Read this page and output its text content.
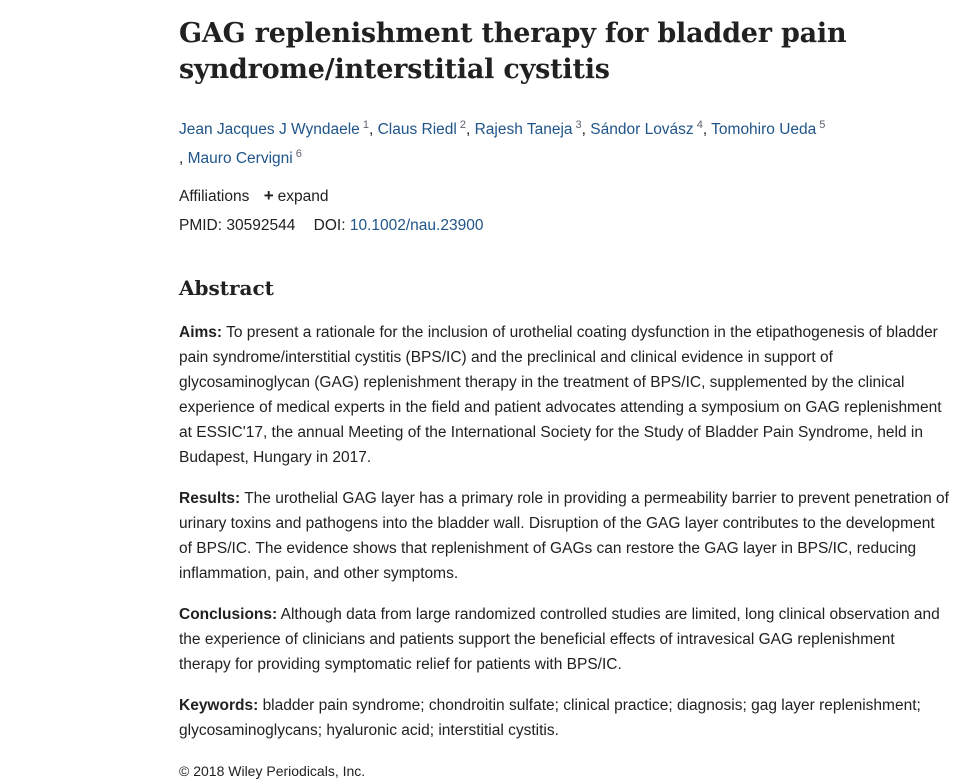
GAG replenishment therapy for bladder pain syndrome/interstitial cystitis
Jean Jacques J Wyndaele $^1$, Claus Riedl $^2$, Rajesh Taneja $^3$, Sándor Lovász $^4$, Tomohiro Ueda $^5$
, Mauro Cervigni $^6$
Affiliations + expand
PMID: 30592544 DOI: 10.1002/nau.23900
Abstract

Aims: To present a rationale for the inclusion of urothelial coating dysfunction in the etipathogenesis of bladder pain syndrome/interstitial cystitis (BPS/IC) and the preclinical and clinical evidence in support of glycosaminoglycan (GAG) replenishment therapy in the treatment of BPS/IC, supplemented by the clinical experience of medical experts in the field and patient advocates attending a symposium on GAG replenishment at ESSIC'17, the annual Meeting of the International Society for the Study of Bladder Pain Syndrome, held in Budapest, Hungary in 2017.

Results: The urothelial GAG layer has a primary role in providing a permeability barrier to prevent penetration of urinary toxins and pathogens into the bladder wall. Disruption of the GAG layer contributes to the development of BPS/IC. The evidence shows that replenishment of GAGs can restore the GAG layer in BPS/IC, reducing inflammation, pain, and other symptoms.

Conclusions: Although data from large randomized controlled studies are limited, long clinical observation and the experience of clinicians and patients support the beneficial effects of intravesical GAG replenishment therapy for providing symptomatic relief for patients with BPS/IC.

Keywords: bladder pain syndrome; chondroitin sulfate; clinical practice; diagnosis; gag layer replenishment; glycosaminoglycans; hyaluronic acid; interstitial cystitis.

© 2018 Wiley Periodicals, Inc.
